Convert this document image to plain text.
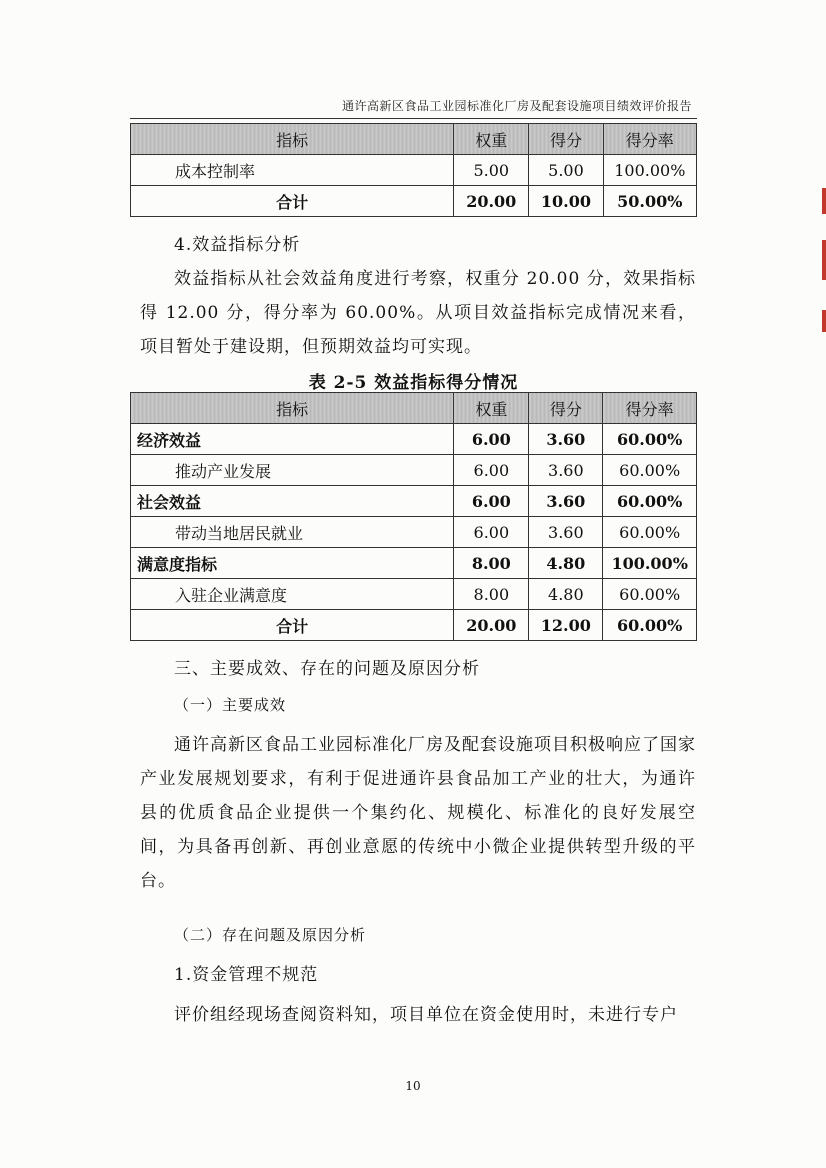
通许高新区食品工业园标准化厂房及配套设施项目绩效评价报告
指标	权重	得分	得分率
成本控制率	5.00	5.00	100.00%
合计	20.00	10.00	50.00%

4.效益指标分析

效益指标从社会效益角度进行考察，权重分 20.00 分，效果指标得 12.00 分，得分率为 60.00%。从项目效益指标完成情况来看，项目暂处于建设期，但预期效益均可实现。

表 2-5 效益指标得分情况
指标	权重	得分	得分率
经济效益	6.00	3.60	60.00%
推动产业发展	6.00	3.60	60.00%
社会效益	6.00	3.60	60.00%
带动当地居民就业	6.00	3.60	60.00%
满意度指标	8.00	4.80	100.00%
入驻企业满意度	8.00	4.80	60.00%
合计	20.00	12.00	60.00%
三、主要成效、存在的问题及原因分析
（一）主要成效

通许高新区食品工业园标准化厂房及配套设施项目积极响应了国家产业发展规划要求，有利于促进通许县食品加工产业的壮大，为通许县的优质食品企业提供一个集约化、规模化、标准化的良好发展空间，为具备再创新、再创业意愿的传统中小微企业提供转型升级的平台。

（二）存在问题及原因分析

1.资金管理不规范

评价组经现场查阅资料知，项目单位在资金使用时，未进行专户

10
